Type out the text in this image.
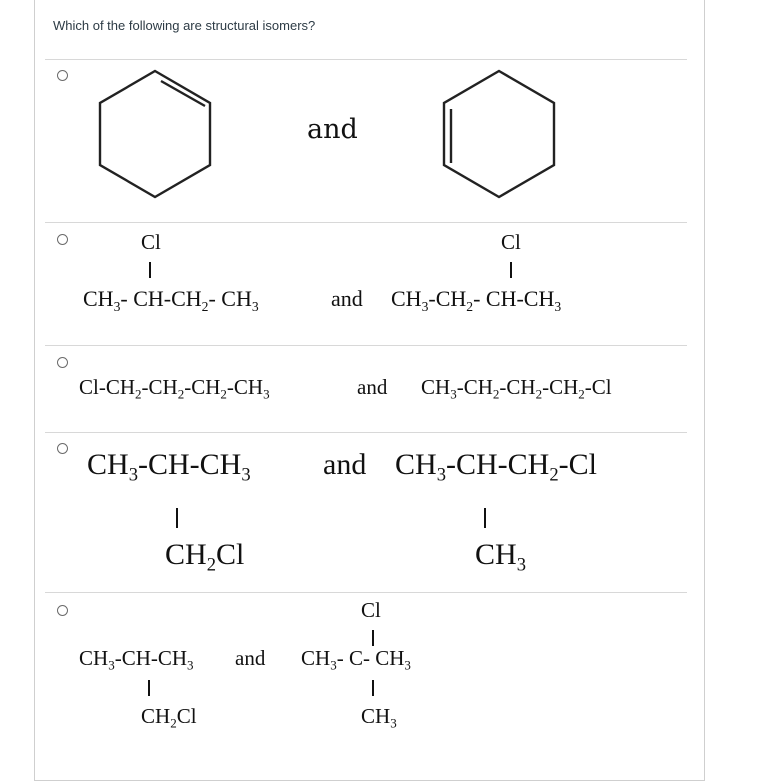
Which of the following are structural isomers?
and
Cl
$CH_3-$ $CH-CH_2-$ $CH_3$	and
Cl
$CH_3-CH_2-$ $CH-CH_3$
$Cl-CH_2-CH_2-CH_2-CH_3$	and $CH_3-CH_2-CH_2-CH_2-Cl$
$CH_3-CH-CH_3$
$CH_2Cl$
and $CH_3-CH-CH_2-Cl$
$CH_3$
$CH_3-CH-CH_3$
$CH_2Cl$
and
Cl
$CH_3-$ C- $CH_3$
$CH_3$
